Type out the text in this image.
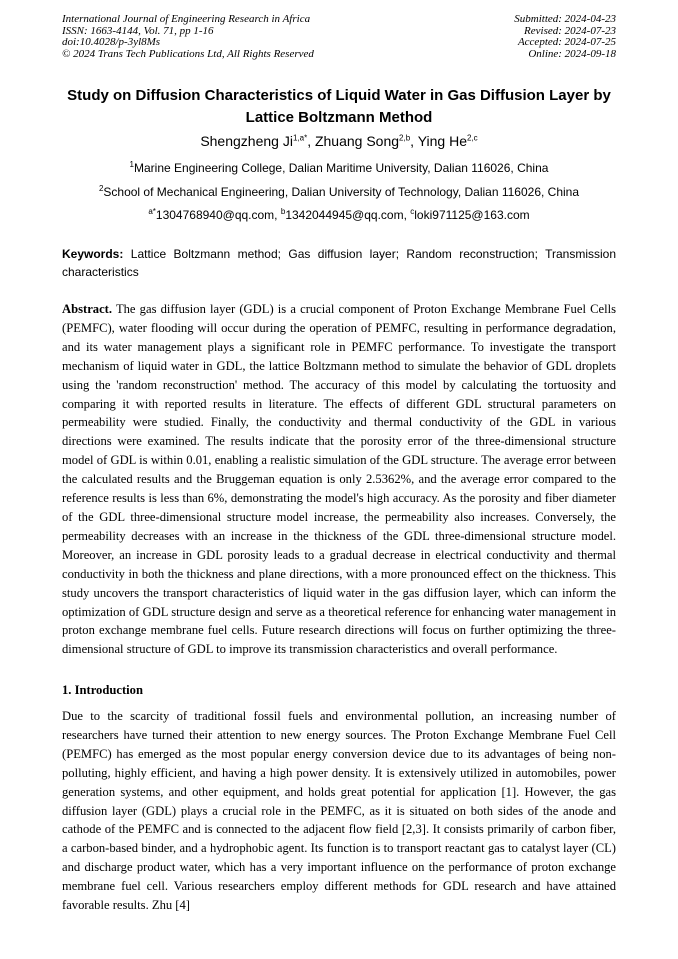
International Journal of Engineering Research in Africa
ISSN: 1663-4144, Vol. 71, pp 1-16
doi:10.4028/p-3yl8Ms
© 2024 Trans Tech Publications Ltd, All Rights Reserved
Submitted: 2024-04-23
Revised: 2024-07-23
Accepted: 2024-07-25
Online: 2024-09-18
Study on Diffusion Characteristics of Liquid Water in Gas Diffusion Layer by Lattice Boltzmann Method
Shengzheng $Ji^{1,a*}$, Zhuang Song$^{2,b}$, Ying He$^{2,c}$
$^1$Marine Engineering College, Dalian Maritime University, Dalian 116026, China
$^2$School of Mechanical Engineering, Dalian University of Technology, Dalian 116026, China
$^{a*}$1304768940@qq.com, $^b$1342044945@qq.com, $^c$loki971125@163.com
Keywords: Lattice Boltzmann method; Gas diffusion layer; Random reconstruction; Transmission characteristics
Abstract. The gas diffusion layer (GDL) is a crucial component of Proton Exchange Membrane Fuel Cells (PEMFC), water flooding will occur during the operation of PEMFC, resulting in performance degradation, and its water management plays a significant role in PEMFC performance. To investigate the transport mechanism of liquid water in GDL, the lattice Boltzmann method to simulate the behavior of GDL droplets using the 'random reconstruction' method. The accuracy of this model by calculating the tortuosity and comparing it with reported results in literature. The effects of different GDL structural parameters on permeability were studied. Finally, the conductivity and thermal conductivity of the GDL in various directions were examined. The results indicate that the porosity error of the three-dimensional structure model of GDL is within 0.01, enabling a realistic simulation of the GDL structure. The average error between the calculated results and the Bruggeman equation is only 2.5362%, and the average error compared to the reference results is less than 6%, demonstrating the model's high accuracy. As the porosity and fiber diameter of the GDL three-dimensional structure model increase, the permeability also increases. Conversely, the permeability decreases with an increase in the thickness of the GDL three-dimensional structure model. Moreover, an increase in GDL porosity leads to a gradual decrease in electrical conductivity and thermal conductivity in both the thickness and plane directions, with a more pronounced effect on the thickness. This study uncovers the transport characteristics of liquid water in the gas diffusion layer, which can inform the optimization of GDL structure design and serve as a theoretical reference for enhancing water management in proton exchange membrane fuel cells. Future research directions will focus on further optimizing the three-dimensional structure of GDL to improve its transmission characteristics and overall performance.
1. Introduction
Due to the scarcity of traditional fossil fuels and environmental pollution, an increasing number of researchers have turned their attention to new energy sources. The Proton Exchange Membrane Fuel Cell (PEMFC) has emerged as the most popular energy conversion device due to its advantages of being non-polluting, highly efficient, and having a high power density. It is extensively utilized in automobiles, power generation systems, and other equipment, and holds great potential for application [1]. However, the gas diffusion layer (GDL) plays a crucial role in the PEMFC, as it is situated on both sides of the anode and cathode of the PEMFC and is connected to the adjacent flow field [2,3]. It consists primarily of carbon fiber, a carbon-based binder, and a hydrophobic agent. Its function is to transport reactant gas to catalyst layer (CL) and discharge product water, which has a very important influence on the performance of proton exchange membrane fuel cell. Various researchers employ different methods for GDL research and have attained favorable results. Zhu [4]
